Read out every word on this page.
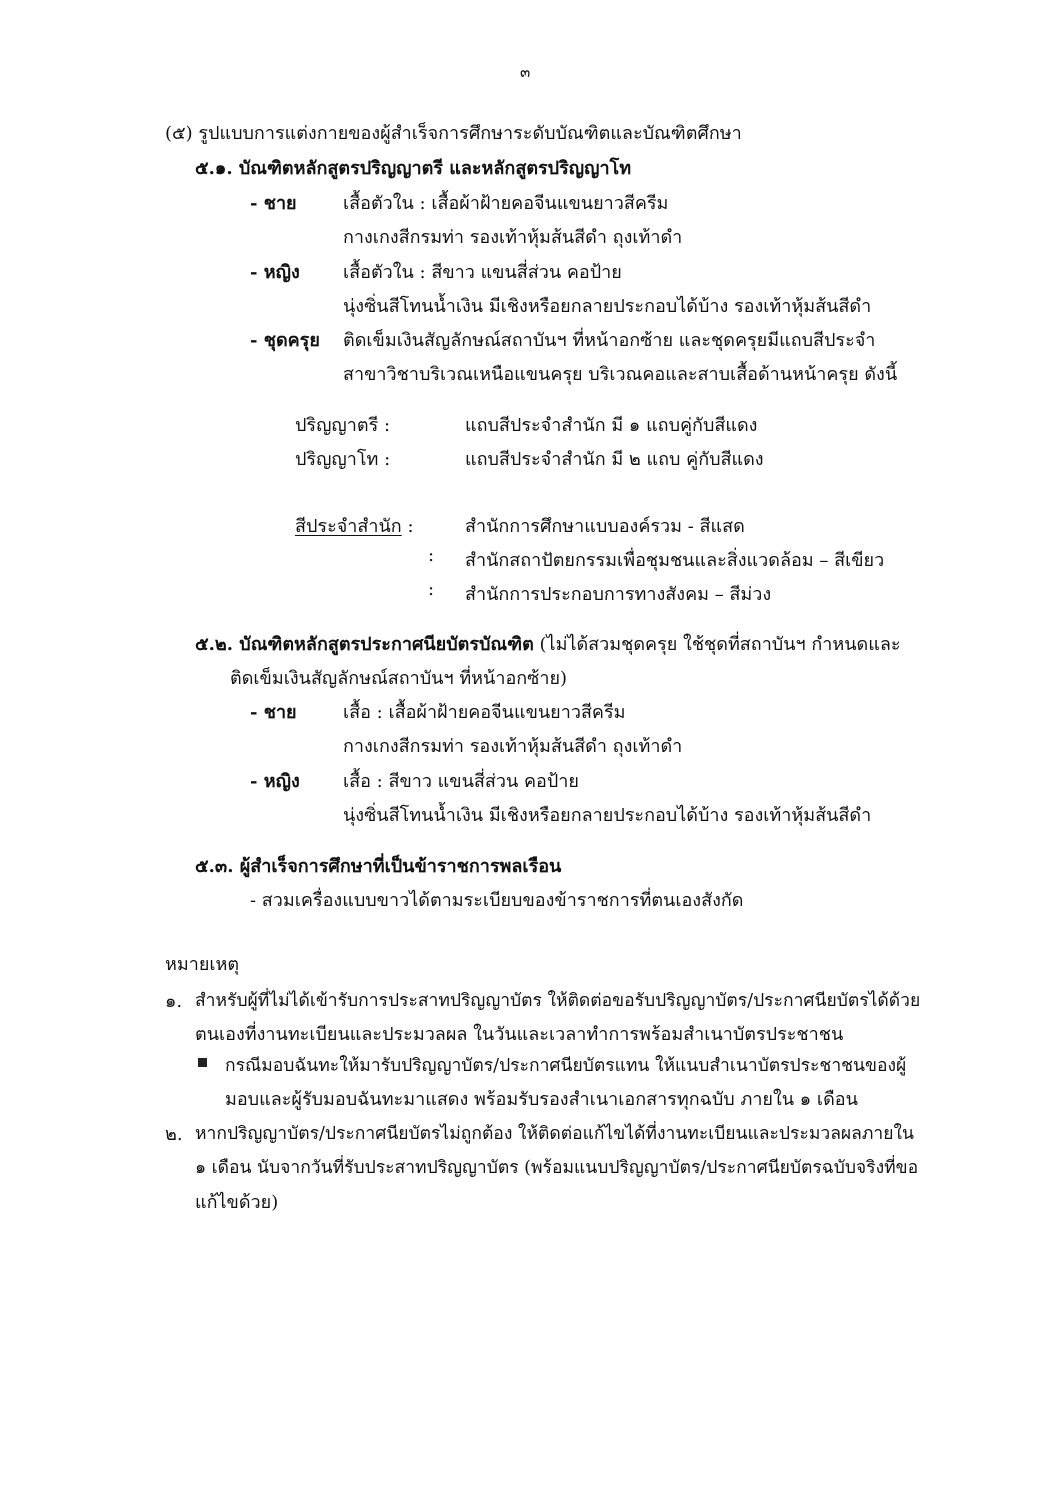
๓
(๕) รูปแบบการแต่งกายของผู้สำเร็จการศึกษาระดับบัณฑิตและบัณฑิตศึกษา
๕.๑. บัณฑิตหลักสูตรปริญญาตรี และหลักสูตรปริญญาโท
- ชาย	เสื้อตัวใน : เสื้อผ้าฝ้ายคอจีนแขนยาวสีครีม
กางเกงสีกรมท่า รองเท้าหุ้มส้นสีดำ ถุงเท้าดำ
- หญิง เสื้อตัวใน : สีขาว แขนสี่ส่วน คอป้าย
นุ่งซิ่นสีโทนน้ำเงิน มีเชิงหรือยกลายประกอบได้บ้าง รองเท้าหุ้มส้นสีดำ
- ชุดครุย ติดเข็มเงินสัญลักษณ์สถาบันฯ ที่หน้าอกซ้าย และชุดครุยมีแถบสีประจำ
สาขาวิชาบริเวณเหนือแขนครุย บริเวณคอและสาบเสื้อด้านหน้าครุย ดังนี้
ปริญญาตรี :	แถบสีประจำสำนัก มี ๑ แถบคู่กับสีแดง
ปริญญาโท :	แถบสีประจำสำนัก มี ๒ แถบ คู่กับสีแดง
สีประจำสำนัก :	สำนักการศึกษาแบบองค์รวม - สีแสด
: สำนักสถาปัตยกรรมเพื่อชุมชนและสิ่งแวดล้อม – สีเขียว
: สำนักการประกอบการทางสังคม – สีม่วง
๕.๒. บัณฑิตหลักสูตรประกาศนียบัตรบัณฑิต (ไม่ได้สวมชุดครุย ใช้ชุดที่สถาบันฯ กำหนดและ
ติดเข็มเงินสัญลักษณ์สถาบันฯ ที่หน้าอกซ้าย)
- ชาย	เสื้อ : เสื้อผ้าฝ้ายคอจีนแขนยาวสีครีม
กางเกงสีกรมท่า รองเท้าหุ้มส้นสีดำ ถุงเท้าดำ
- หญิง เสื้อ : สีขาว แขนสี่ส่วน คอป้าย
นุ่งซิ่นสีโทนน้ำเงิน มีเชิงหรือยกลายประกอบได้บ้าง รองเท้าหุ้มส้นสีดำ
๕.๓. ผู้สำเร็จการศึกษาที่เป็นข้าราชการพลเรือน
- สวมเครื่องแบบขาวได้ตามระเบียบของข้าราชการที่ตนเองสังกัด
หมายเหตุ
๑. สำหรับผู้ที่ไม่ได้เข้ารับการประสาทปริญญาบัตร ให้ติดต่อขอรับปริญญาบัตร/ประกาศนียบัตรได้ด้วย
ตนเองที่งานทะเบียนและประมวลผล ในวันและเวลาทำการพร้อมสำเนาบัตรประชาชน
กรณีมอบฉันทะให้มารับปริญญาบัตร/ประกาศนียบัตรแทน ให้แนบสำเนาบัตรประชาชนของผู้
มอบและผู้รับมอบฉันทะมาแสดง พร้อมรับรองสำเนาเอกสารทุกฉบับ ภายใน ๑ เดือน
๒. หากปริญญาบัตร/ประกาศนียบัตรไม่ถูกต้อง ให้ติดต่อแก้ไขได้ที่งานทะเบียนและประมวลผลภายใน
๑ เดือน นับจากวันที่รับประสาทปริญญาบัตร (พร้อมแนบปริญญาบัตร/ประกาศนียบัตรฉบับจริงที่ขอ
แก้ไขด้วย)
